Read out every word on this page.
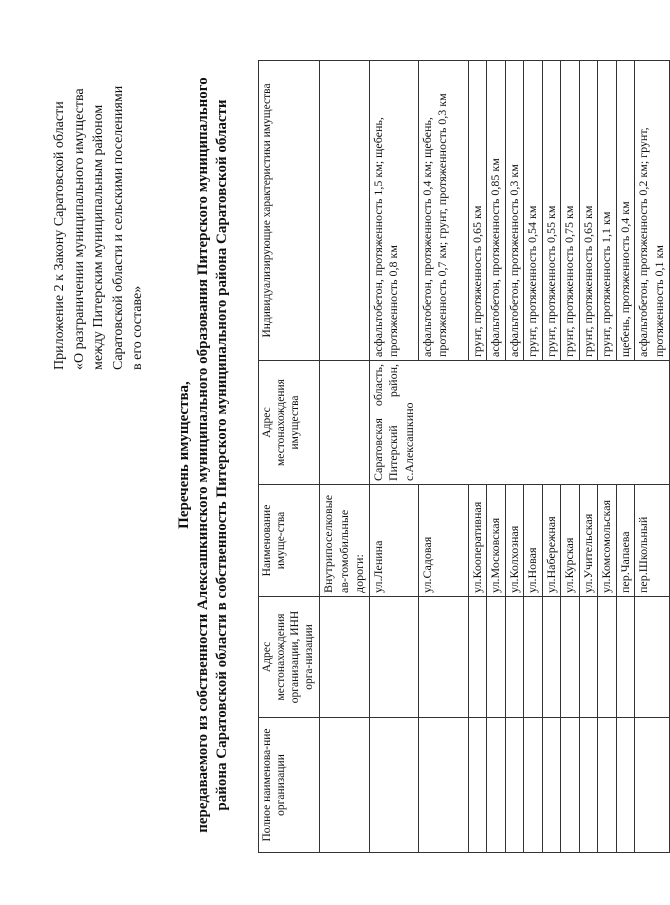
Приложение 2 к Закону Саратовской области «О разграничении муниципального имущества между Питерским муниципальным районом Саратовской области и сельскими поселениями в его составе»
Перечень имущества, передаваемого из собственности Алексашкинского муниципального образования Питерского муниципального района Саратовской области в собственность Питерского муниципального района Саратовской области	Полное наименова-ние организации	Адрес местонахождения организации, ИНН орга-низации	Наименование имуще-ства	Адрес местонахождения имущества	Индивидуализирующие характеристики имущества
		Внутрипоселковые ав-томобильные дороги:		
		ул.Ленина	Саратовская область, Питерский район, с.Алексашкино	асфальтобетон, протяженность 1,5 км; щебень, протяженность 0,8 км
		ул.Садовая		асфальтобетон, протяженность 0,4 км; щебень, протяженность 0,7 км; грунт, протяженность 0,3 км
		ул.Кооперативная		грунт, протяженность 0,65 км
		ул.Московская		асфальтобетон, протяженность 0,85 км
		ул.Колхозная		асфальтобетон, протяженность 0,3 км
		ул.Новая		грунт, протяженность 0,54 км
		ул.Набережная		грунт, протяженность 0,55 км
		ул.Курская		грунт, протяженность 0,75 км
		ул.Учительская		грунт, протяженность 0,65 км
		ул.Комсомольская		грунт, протяженность 1,1 км
		пер.Чапаева		щебень, протяженность 0,4 км
		пер.Школьный		асфальтобетон, протяженность 0,2 км; грунт, протяженность 0,1 км
